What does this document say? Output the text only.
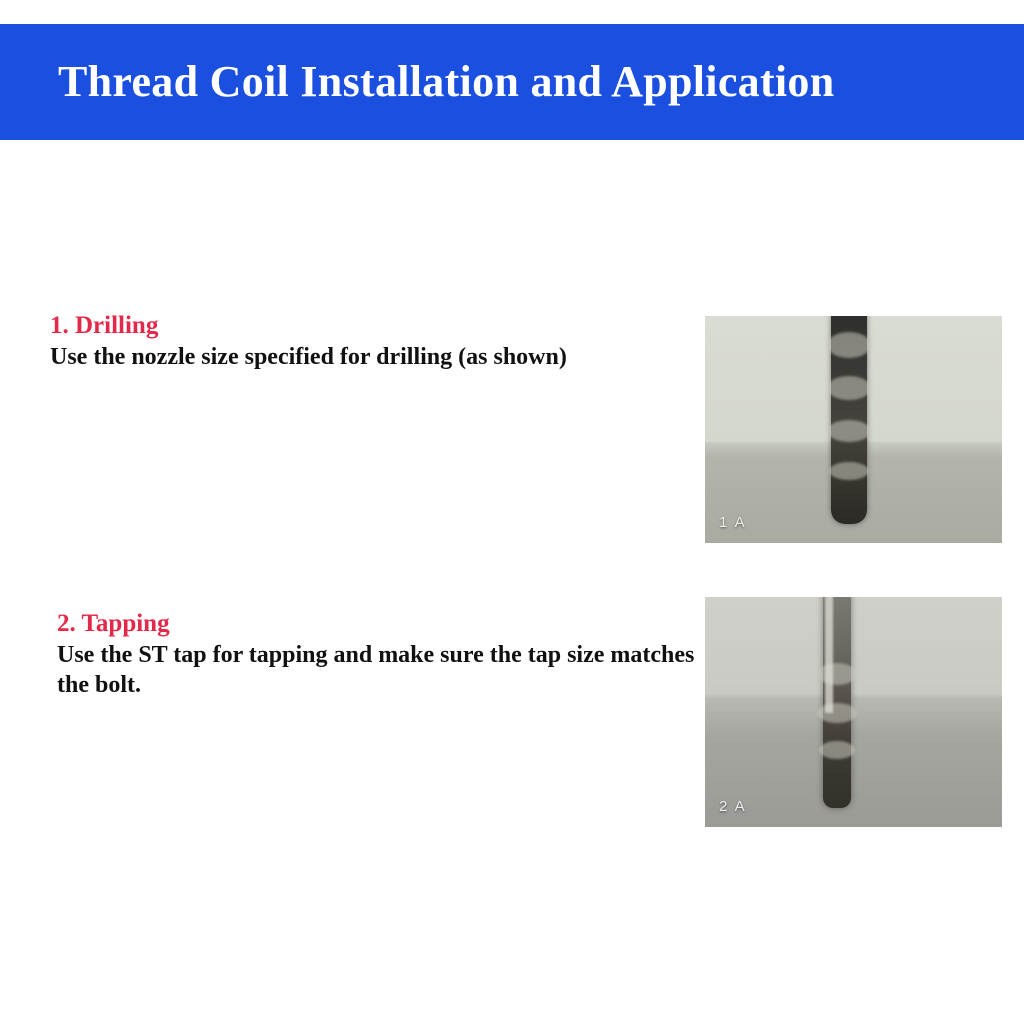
Thread Coil Installation and Application

1. Drilling

Use the nozzle size specified for drilling (as shown)

1 A

2. Tapping

Use the ST tap for tapping and make sure the tap size matches the bolt.

2 A
